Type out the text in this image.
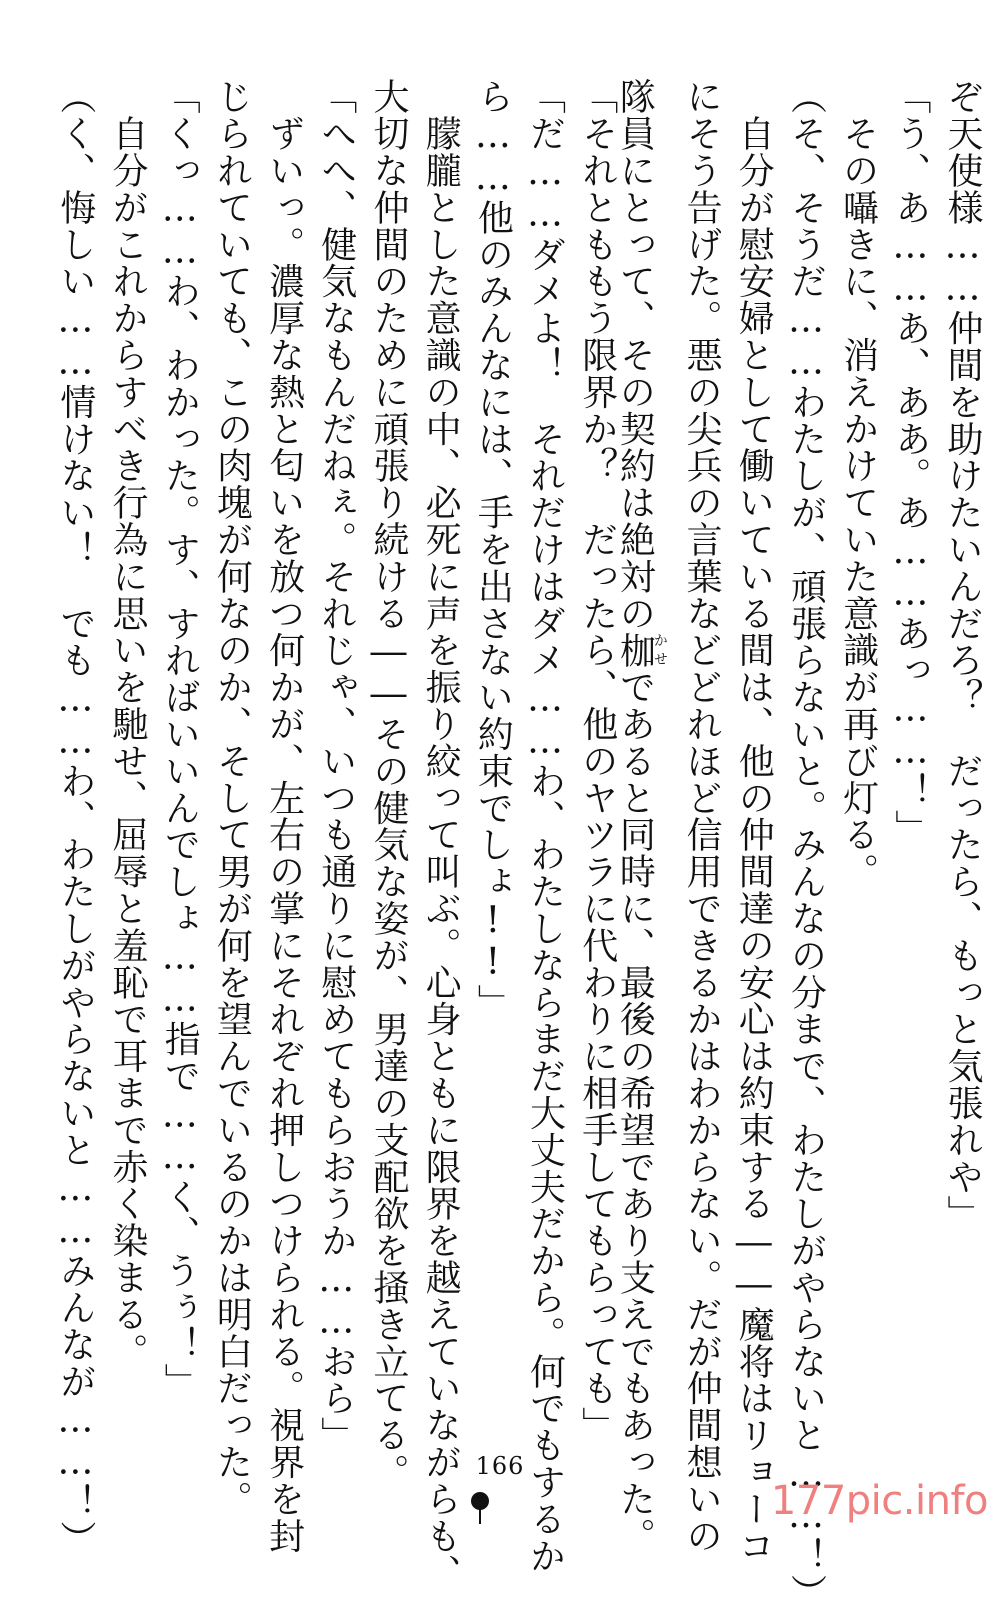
ぞ天使様……仲間を助けたいんだろ？　だったら、もっと気張れや」
「う、あ……あ、ああ。あ……あっ……！」
　その囁きに、消えかけていた意識が再び灯る。
（そ、そうだ……わたしが、頑張らないと。みんなの分まで、わたしがやらないと……！）
　自分が慰安婦として働いている間は、他の仲間達の安心は約束する――魔将はリョーコ
にそう告げた。悪の尖兵の言葉などどれほど信用できるかはわからない。だが仲間想いの
隊員にとって、その契約は絶対の枷かせであると同時に、最後の希望であり支えでもあった。
「それとももう限界か？　だったら、他のヤツラに代わりに相手してもらっても」
「だ……ダメよ！　それだけはダメ……わ、わたしならまだ大丈夫だから。何でもするか
ら……他のみんなには、手を出さない約束でしょ!!」
　朦朧とした意識の中、必死に声を振り絞って叫ぶ。心身ともに限界を越えていながらも、
大切な仲間のために頑張り続ける――その健気な姿が、男達の支配欲を掻き立てる。
「へへ、健気なもんだねぇ。それじゃ、いつも通りに慰めてもらおうか……おら」
　ずいっ。濃厚な熱と匂いを放つ何かが、左右の掌にそれぞれ押しつけられる。視界を封
じられていても、この肉塊が何なのか、そして男が何を望んでいるのかは明白だった。
「くっ……わ、わかった。す、すればいいんでしょ……指で……く、うぅ！」
　自分がこれからすべき行為に思いを馳せ、屈辱と羞恥で耳まで赤く染まる。
（く、悔しい……情けない！　でも……わ、わたしがやらないと……みんなが……！）	166
177pic.info
